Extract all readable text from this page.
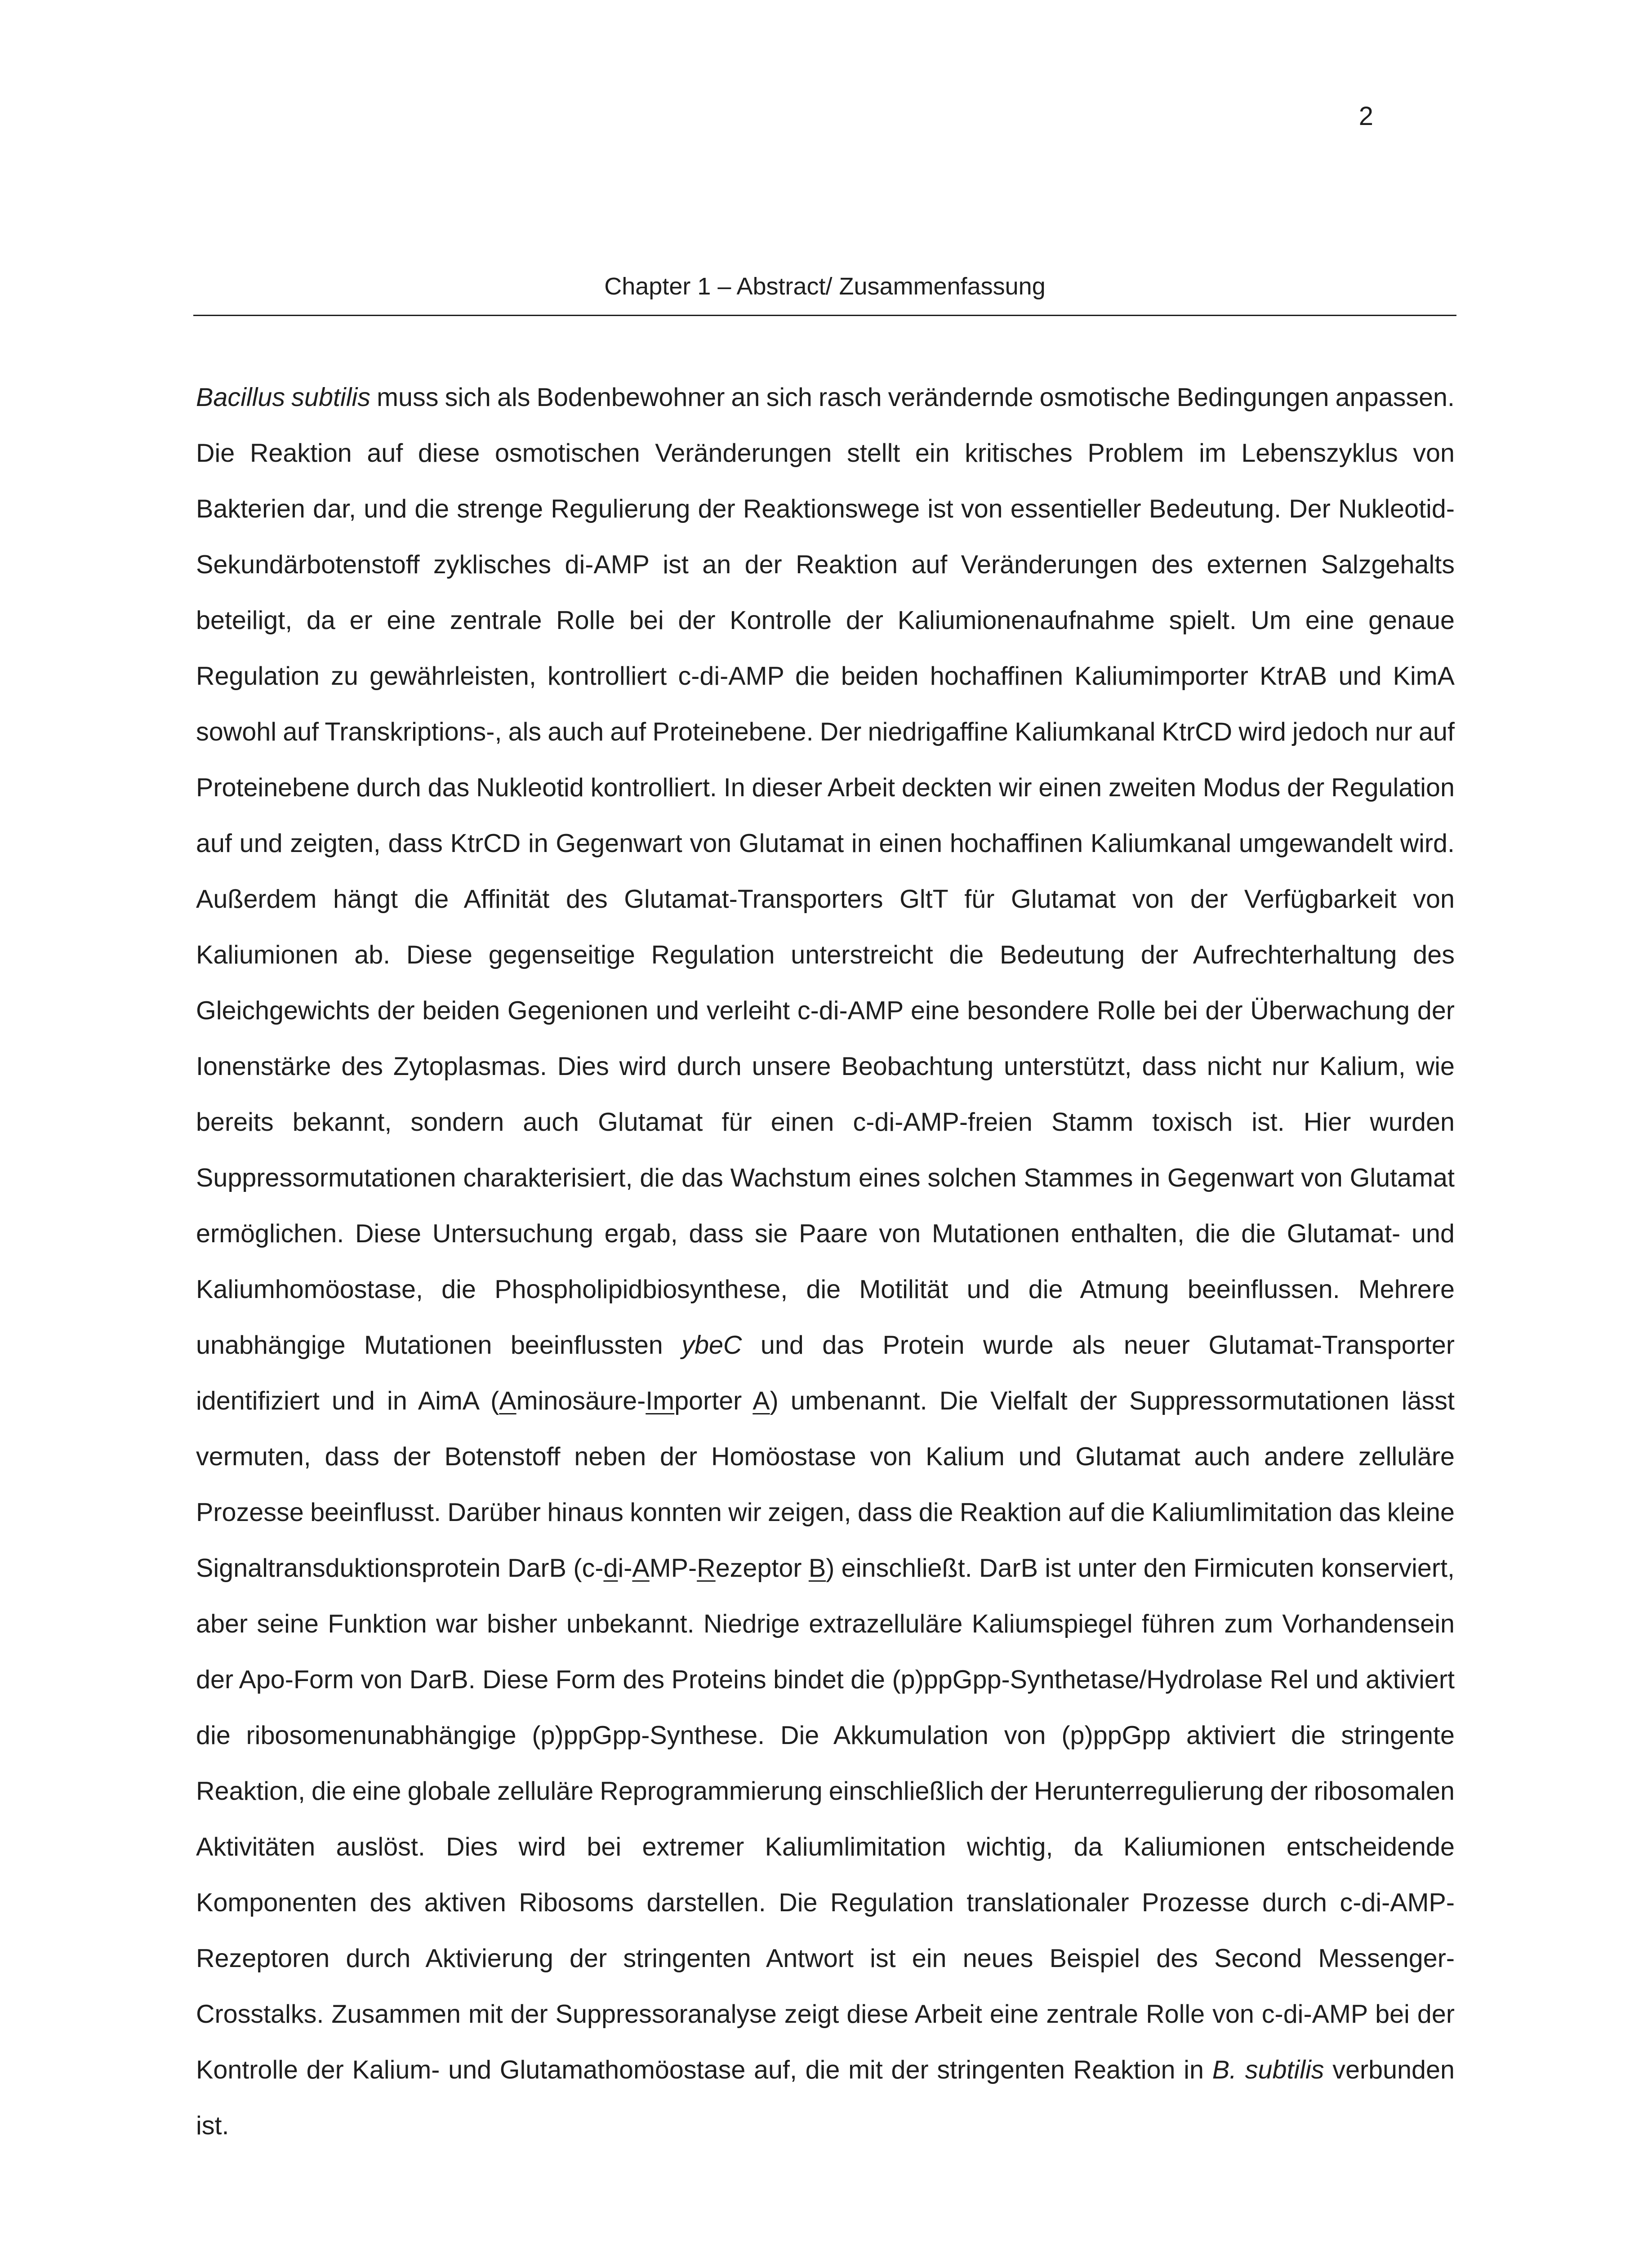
2
Chapter 1 – Abstract/ Zusammenfassung

Bacillus subtilis muss sich als Bodenbewohner an sich rasch verändernde osmotische Bedingungen anpassen. Die Reaktion auf diese osmotischen Veränderungen stellt ein kritisches Problem im Lebenszyklus von Bakterien dar, und die strenge Regulierung der Reaktionswege ist von essentieller Bedeutung. Der Nukleotid-Sekundärbotenstoff zyklisches di-AMP ist an der Reaktion auf Veränderungen des externen Salzgehalts beteiligt, da er eine zentrale Rolle bei der Kontrolle der Kaliumionenaufnahme spielt. Um eine genaue Regulation zu gewährleisten, kontrolliert c-di-AMP die beiden hochaffinen Kaliumimporter KtrAB und KimA sowohl auf Transkriptions-, als auch auf Proteinebene. Der niedrigaffine Kaliumkanal KtrCD wird jedoch nur auf Proteinebene durch das Nukleotid kontrolliert. In dieser Arbeit deckten wir einen zweiten Modus der Regulation auf und zeigten, dass KtrCD in Gegenwart von Glutamat in einen hochaffinen Kaliumkanal umgewandelt wird. Außerdem hängt die Affinität des Glutamat-Transporters GltT für Glutamat von der Verfügbarkeit von Kaliumionen ab. Diese gegenseitige Regulation unterstreicht die Bedeutung der Aufrechterhaltung des Gleichgewichts der beiden Gegenionen und verleiht c-di-AMP eine besondere Rolle bei der Überwachung der Ionenstärke des Zytoplasmas. Dies wird durch unsere Beobachtung unterstützt, dass nicht nur Kalium, wie bereits bekannt, sondern auch Glutamat für einen c-di-AMP-freien Stamm toxisch ist. Hier wurden Suppressormutationen charakterisiert, die das Wachstum eines solchen Stammes in Gegenwart von Glutamat ermöglichen. Diese Untersuchung ergab, dass sie Paare von Mutationen enthalten, die die Glutamat- und Kaliumhomöostase, die Phospholipidbiosynthese, die Motilität und die Atmung beeinflussen. Mehrere unabhängige Mutationen beeinflussten ybeC und das Protein wurde als neuer Glutamat-Transporter identifiziert und in AimA (Aminosäure-Importer A) umbenannt. Die Vielfalt der Suppressormutationen lässt vermuten, dass der Botenstoff neben der Homöostase von Kalium und Glutamat auch andere zelluläre Prozesse beeinflusst. Darüber hinaus konnten wir zeigen, dass die Reaktion auf die Kaliumlimitation das kleine Signaltransduktionsprotein DarB (c-di-AMP-Rezeptor B) einschließt. DarB ist unter den Firmicuten konserviert, aber seine Funktion war bisher unbekannt. Niedrige extrazelluläre Kaliumspiegel führen zum Vorhandensein der Apo-Form von DarB. Diese Form des Proteins bindet die (p)ppGpp-Synthetase/Hydrolase Rel und aktiviert die ribosomenunabhängige (p)ppGpp-Synthese. Die Akkumulation von (p)ppGpp aktiviert die stringente Reaktion, die eine globale zelluläre Reprogrammierung einschließlich der Herunterregulierung der ribosomalen Aktivitäten auslöst. Dies wird bei extremer Kaliumlimitation wichtig, da Kaliumionen entscheidende Komponenten des aktiven Ribosoms darstellen. Die Regulation translationaler Prozesse durch c-di-AMP-Rezeptoren durch Aktivierung der stringenten Antwort ist ein neues Beispiel des Second Messenger-Crosstalks. Zusammen mit der Suppressoranalyse zeigt diese Arbeit eine zentrale Rolle von c-di-AMP bei der Kontrolle der Kalium- und Glutamathomöostase auf, die mit der stringenten Reaktion in B. subtilis verbunden ist.
